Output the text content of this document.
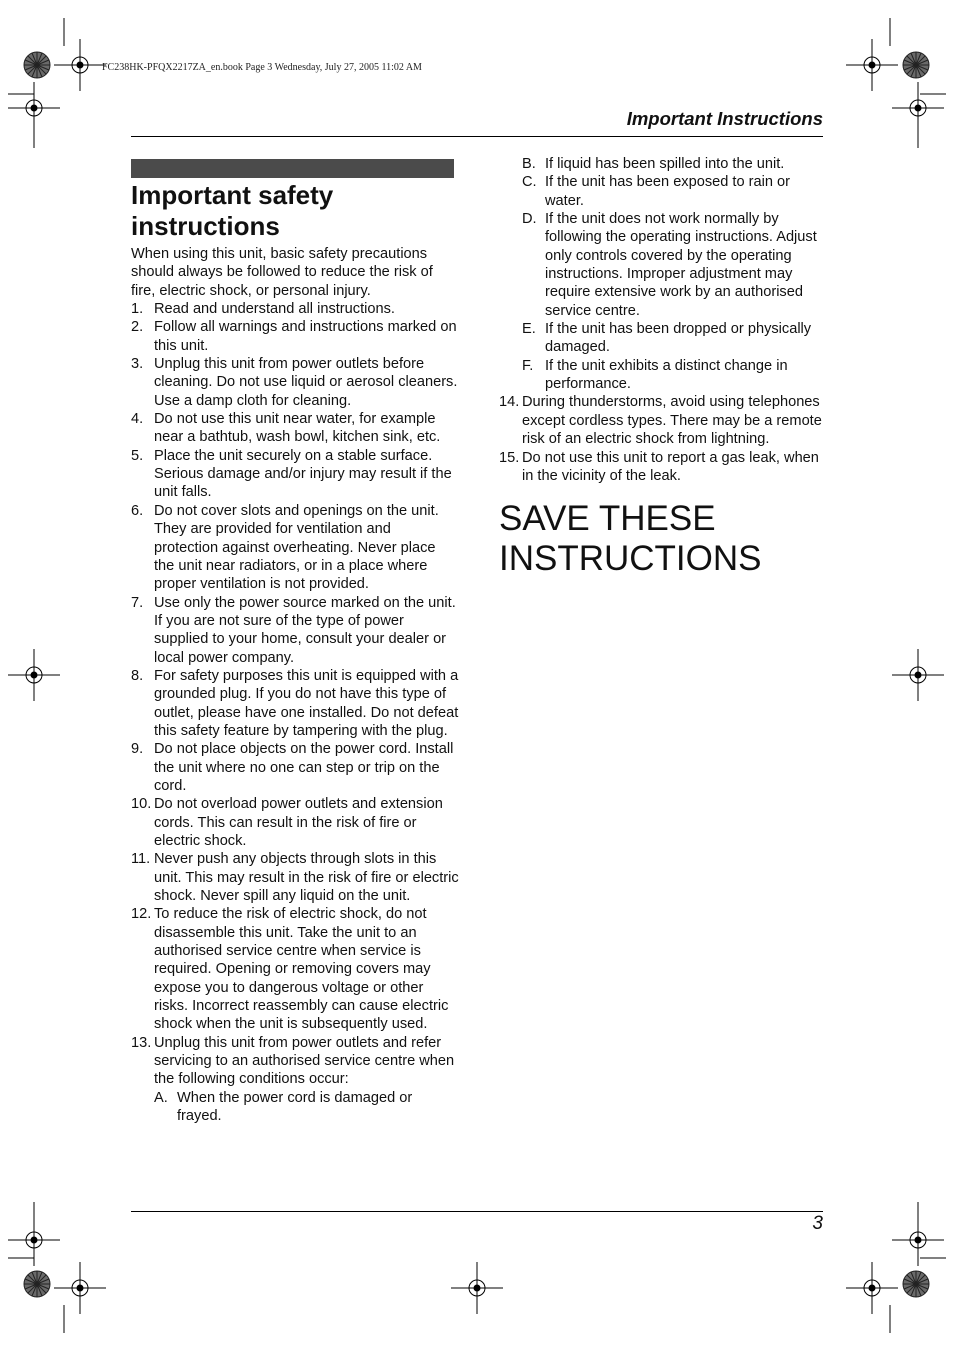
FC238HK-PFQX2217ZA_en.book Page 3 Wednesday, July 27, 2005 11:02 AM
Important Instructions
Important safety instructions

When using this unit, basic safety precautions should always be followed to reduce the risk of fire, electric shock, or personal injury.

1. Read and understand all instructions.

2. Follow all warnings and instructions marked on this unit.

3. Unplug this unit from power outlets before cleaning. Do not use liquid or aerosol cleaners. Use a damp cloth for cleaning.

4. Do not use this unit near water, for example near a bathtub, wash bowl, kitchen sink, etc.

5. Place the unit securely on a stable surface. Serious damage and/or injury may result if the unit falls.

6. Do not cover slots and openings on the unit. They are provided for ventilation and protection against overheating. Never place the unit near radiators, or in a place where proper ventilation is not provided.

7. Use only the power source marked on the unit. If you are not sure of the type of power supplied to your home, consult your dealer or local power company.

8. For safety purposes this unit is equipped with a grounded plug. If you do not have this type of outlet, please have one installed. Do not defeat this safety feature by tampering with the plug.

9. Do not place objects on the power cord. Install the unit where no one can step or trip on the cord.

10. Do not overload power outlets and extension cords. This can result in the risk of fire or electric shock.

11. Never push any objects through slots in this unit. This may result in the risk of fire or electric shock. Never spill any liquid on the unit.

12. To reduce the risk of electric shock, do not disassemble this unit. Take the unit to an authorised service centre when service is required. Opening or removing covers may expose you to dangerous voltage or other risks. Incorrect reassembly can cause electric shock when the unit is subsequently used.

13. Unplug this unit from power outlets and refer servicing to an authorised service centre when the following conditions occur:

A. When the power cord is damaged or frayed.

B. If liquid has been spilled into the unit.

C. If the unit has been exposed to rain or water.

D. If the unit does not work normally by following the operating instructions. Adjust only controls covered by the operating instructions. Improper adjustment may require extensive work by an authorised service centre.

E. If the unit has been dropped or physically damaged.

F. If the unit exhibits a distinct change in performance.

14. During thunderstorms, avoid using telephones except cordless types. There may be a remote risk of an electric shock from lightning.

15. Do not use this unit to report a gas leak, when in the vicinity of the leak.

SAVE THESE
INSTRUCTIONS
3
